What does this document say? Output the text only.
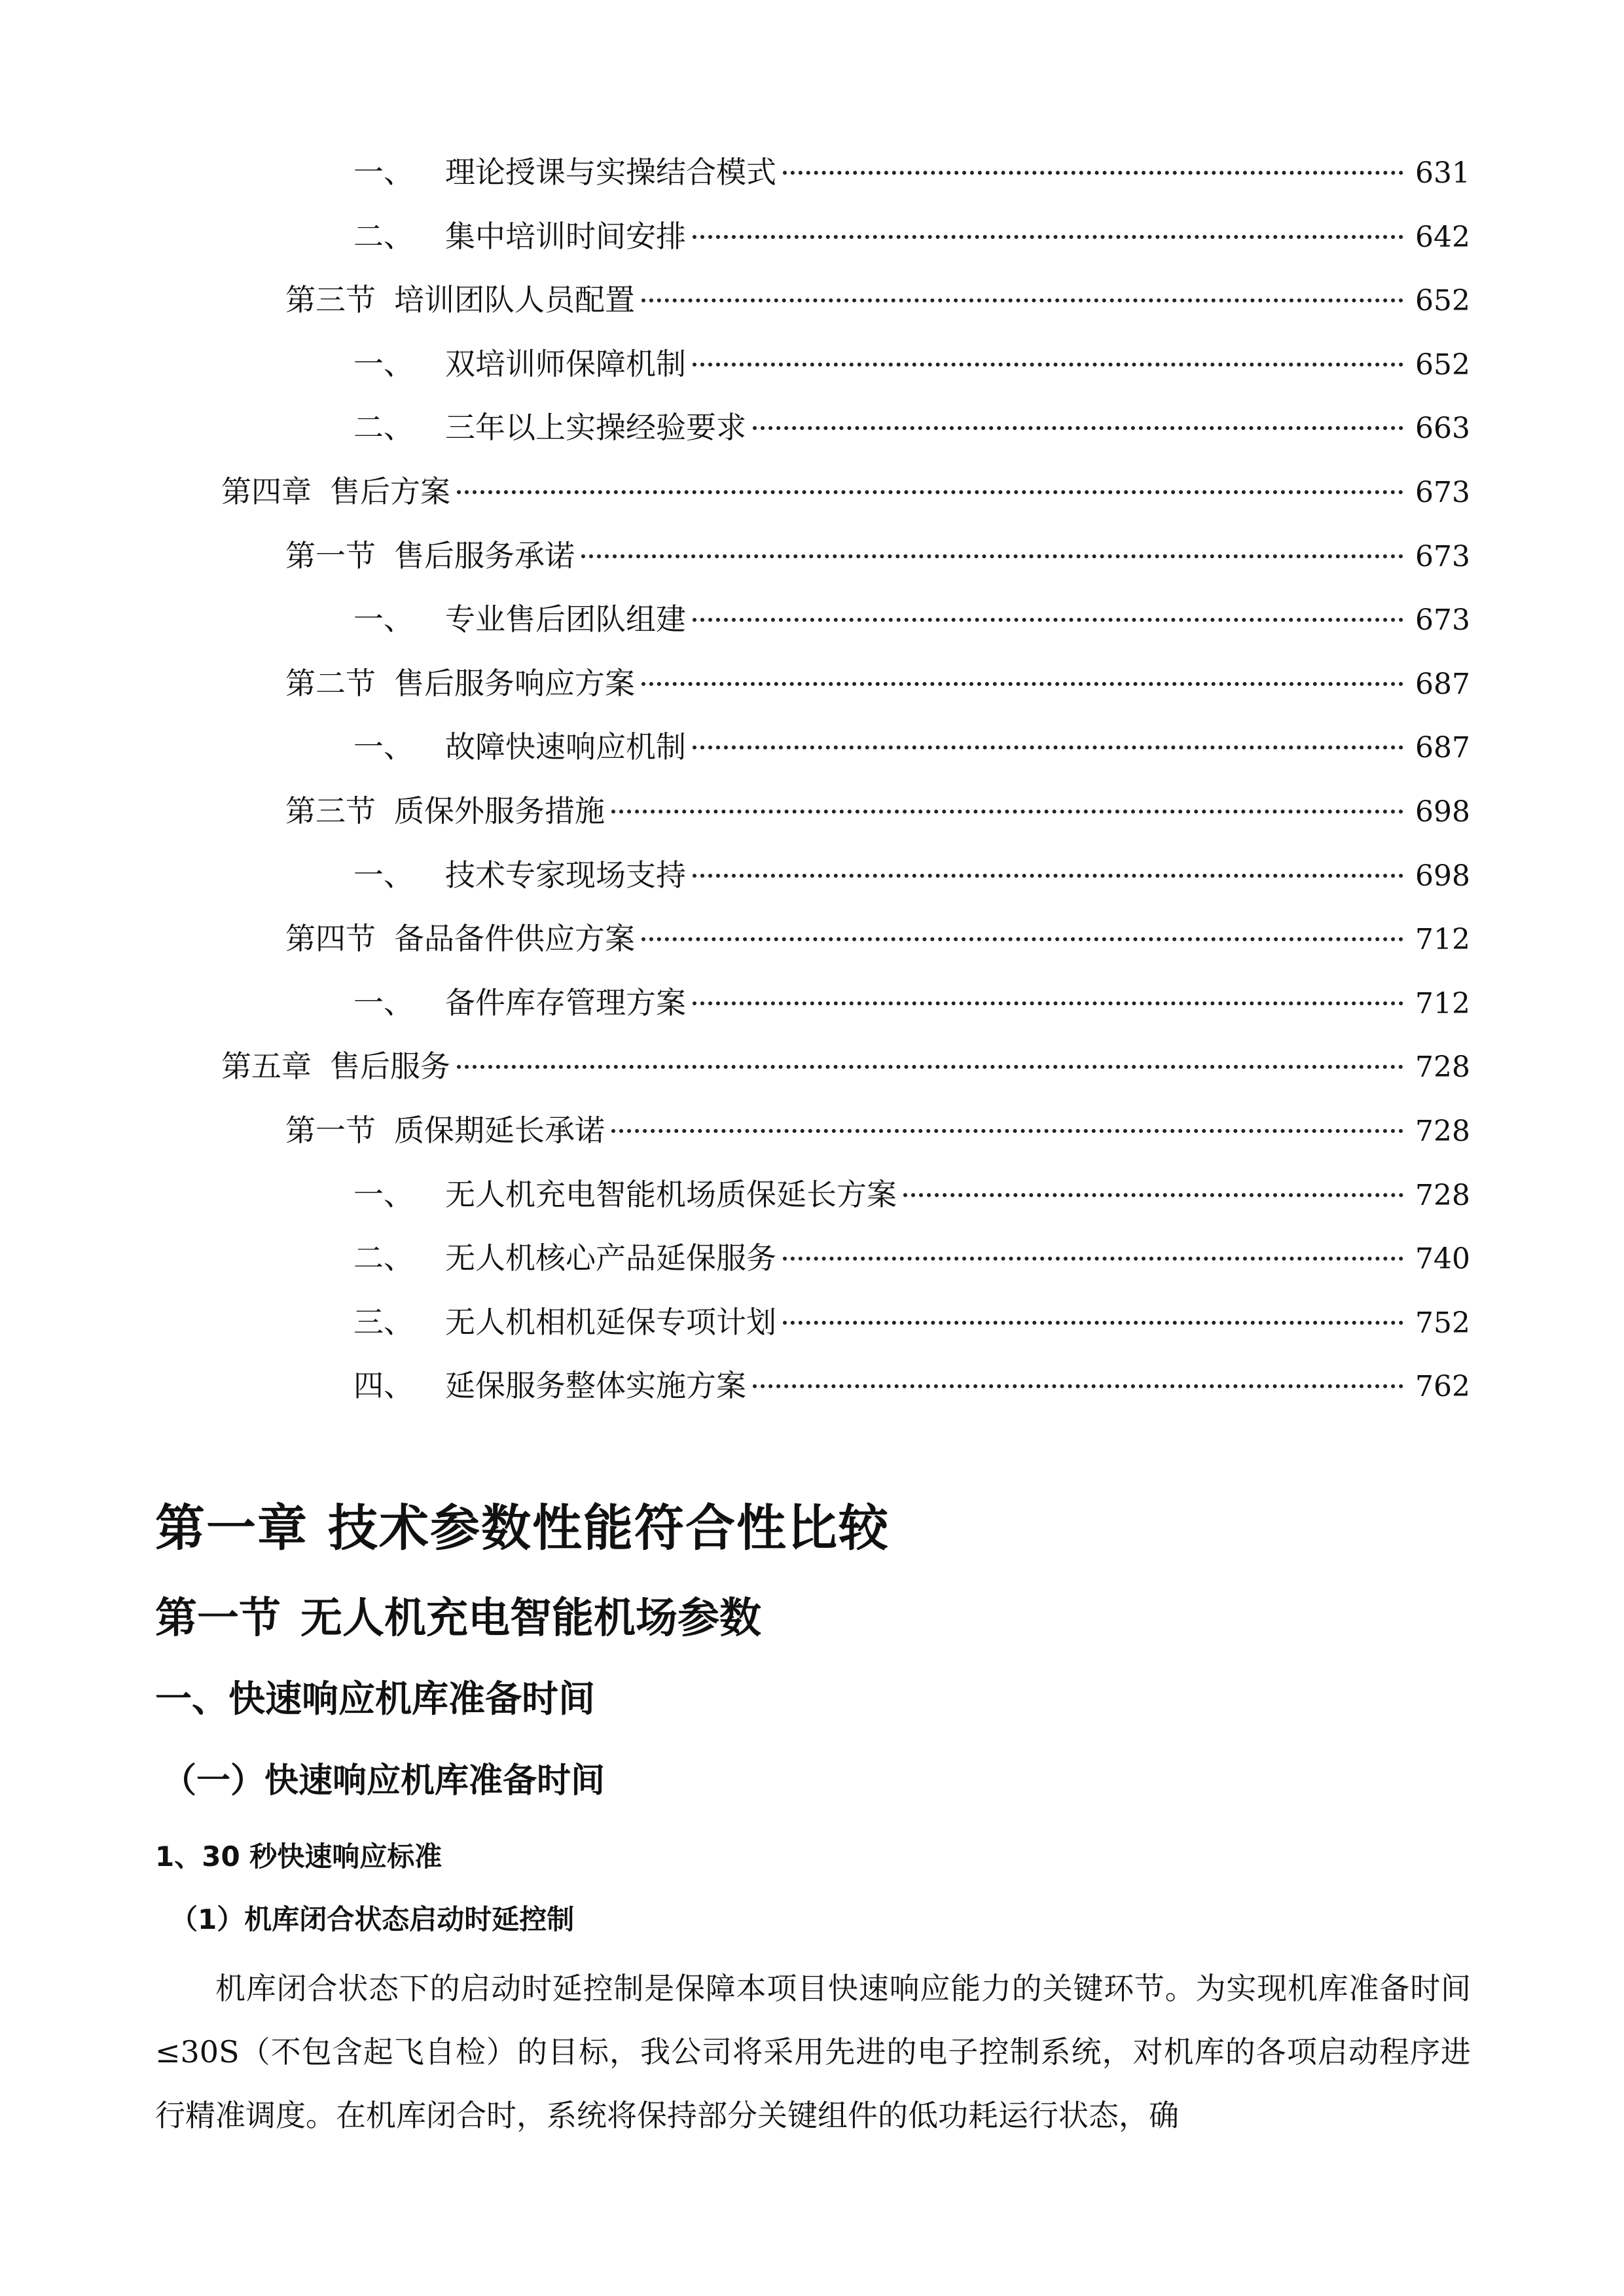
一、 理论授课与实操结合模式	631
二、 集中培训时间安排	642
第三节 培训团队人员配置	652
一、 双培训师保障机制	652
二、 三年以上实操经验要求	663
第四章 售后方案	673
第一节 售后服务承诺	673
一、 专业售后团队组建	673
第二节 售后服务响应方案	687
一、 故障快速响应机制	687
第三节 质保外服务措施	698
一、 技术专家现场支持	698
第四节 备品备件供应方案	712
一、 备件库存管理方案	712
第五章 售后服务	728
第一节 质保期延长承诺	728
一、 无人机充电智能机场质保延长方案	728
二、 无人机核心产品延保服务	740
三、 无人机相机延保专项计划	752
四、 延保服务整体实施方案	762
第一章 技术参数性能符合性比较
第一节 无人机充电智能机场参数
一、快速响应机库准备时间
（一）快速响应机库准备时间
1、30 秒快速响应标准
（1）机库闭合状态启动时延控制

机库闭合状态下的启动时延控制是保障本项目快速响应能力的关键环节。为实现机库准备时间≤30S（不包含起飞自检）的目标，我公司将采用先进的电子控制系统，对机库的各项启动程序进行精准调度。在机库闭合时，系统将保持部分关键组件的低功耗运行状态，确
